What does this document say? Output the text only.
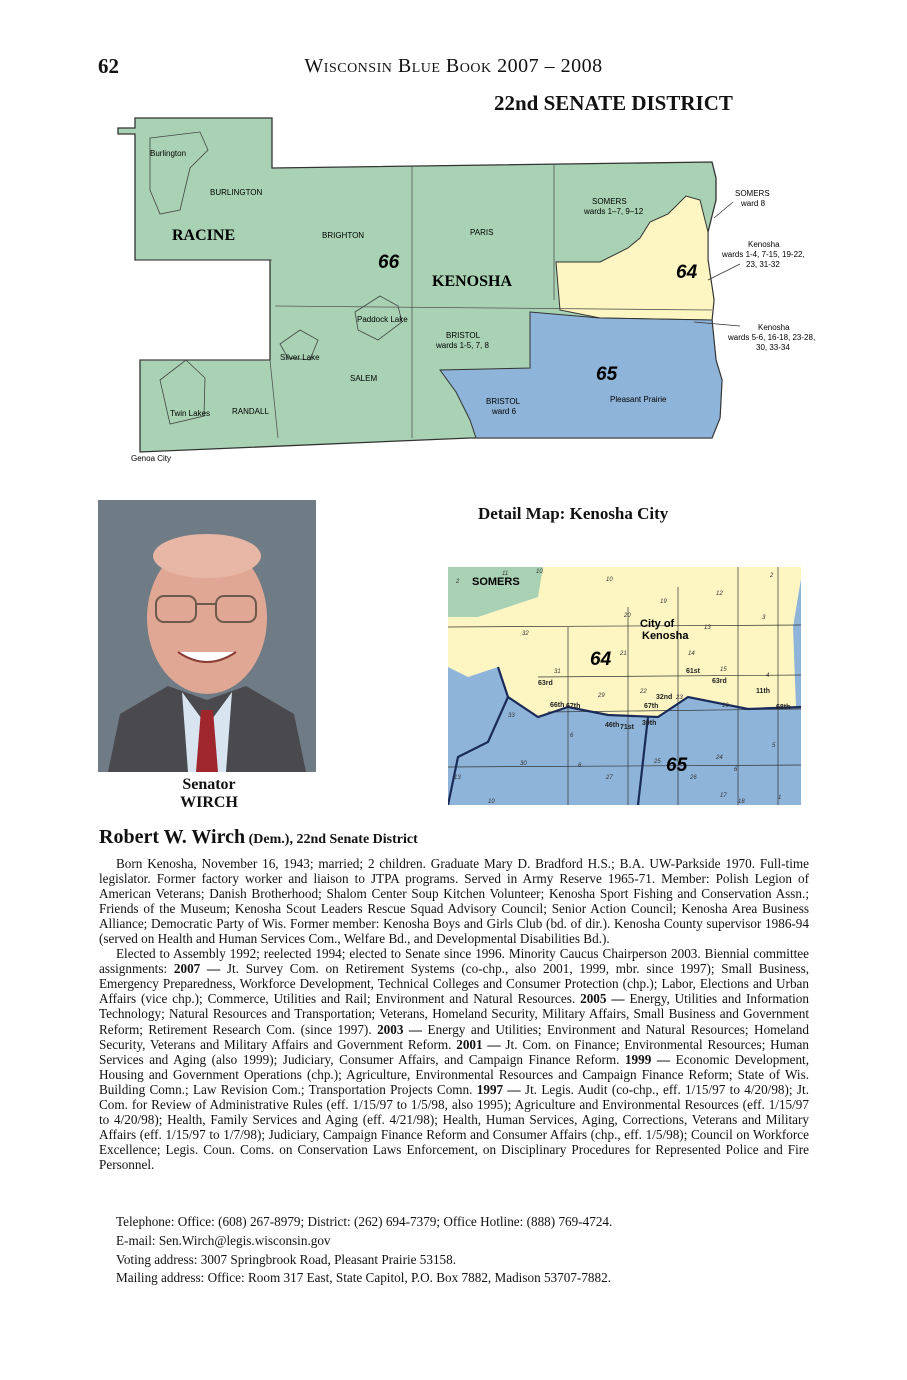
62	Wisconsin Blue Book 2007 – 2008
22nd SENATE DISTRICT
Burlington
BURLINGTON
RACINE	BRIGHTON	PARIS
SOMERS
wards 1–7, 9–12
SOMERS
ward 8
Kenosha
wards 1-4, 7-15, 19-22,
23, 31-32
66
KENOSHA	64
Paddock Lake
BRISTOL
wards 1-5, 7, 8
Kenosha
wards 5-6, 16-18, 23-28,
30, 33-34
Silver Lake
SALEM	65
BRISTOL
ward 6
Pleasant Prairie
Twin Lakes	RANDALL
Genoa City
Senator
WIRCH
Detail Map: Kenosha City
SOMERS
City of
Kenosha
64
65
63rd
61st
63rd
67th	67th
66th
46th 71st
32nd
39th
11th
68th
11	10
2	10
19
12
2
20
13
3
32
21	14
4
31	15
29
22
23
16
33
24
5
6
30	6
25
27	26
6
13
10
17
18
1
Robert W. Wirch (Dem.), 22nd Senate District

Born Kenosha, November 16, 1943; married; 2 children. Graduate Mary D. Bradford H.S.; B.A. UW-Parkside 1970. Full-time legislator. Former factory worker and liaison to JTPA programs. Served in Army Reserve 1965-71. Member: Polish Legion of American Veterans; Danish Brotherhood; Shalom Center Soup Kitchen Volunteer; Kenosha Sport Fishing and Conservation Assn.; Friends of the Museum; Kenosha Scout Leaders Rescue Squad Advisory Council; Senior Action Council; Kenosha Area Business Alliance; Democratic Party of Wis. Former member: Kenosha Boys and Girls Club (bd. of dir.). Kenosha County supervisor 1986-94 (served on Health and Human Services Com., Welfare Bd., and Developmental Disabilities Bd.).

Elected to Assembly 1992; reelected 1994; elected to Senate since 1996. Minority Caucus Chairperson 2003. Biennial committee assignments: 2007 — Jt. Survey Com. on Retirement Systems (co-chp., also 2001, 1999, mbr. since 1997); Small Business, Emergency Preparedness, Workforce Development, Technical Colleges and Consumer Protection (chp.); Labor, Elections and Urban Affairs (vice chp.); Commerce, Utilities and Rail; Environment and Natural Resources. 2005 — Energy, Utilities and Information Technology; Natural Resources and Transportation; Veterans, Homeland Security, Military Affairs, Small Business and Government Reform; Retirement Research Com. (since 1997). 2003 — Energy and Utilities; Environment and Natural Resources; Homeland Security, Veterans and Military Affairs and Government Reform. 2001 — Jt. Com. on Finance; Environmental Resources; Human Services and Aging (also 1999); Judiciary, Consumer Affairs, and Campaign Finance Reform. 1999 — Economic Development, Housing and Government Operations (chp.); Agriculture, Environmental Resources and Campaign Finance Reform; State of Wis. Building Comn.; Law Revision Com.; Transportation Projects Comn. 1997 — Jt. Legis. Audit (co-chp., eff. 1/15/97 to 4/20/98); Jt. Com. for Review of Administrative Rules (eff. 1/15/97 to 1/5/98, also 1995); Agriculture and Environmental Resources (eff. 1/15/97 to 4/20/98); Health, Family Services and Aging (eff. 4/21/98); Health, Human Services, Aging, Corrections, Veterans and Military Affairs (eff. 1/15/97 to 1/7/98); Judiciary, Campaign Finance Reform and Consumer Affairs (chp., eff. 1/5/98); Council on Workforce Excellence; Legis. Coun. Coms. on Conservation Laws Enforcement, on Disciplinary Procedures for Represented Police and Fire Personnel.

Telephone: Office: (608) 267-8979; District: (262) 694-7379; Office Hotline: (888) 769-4724.
E-mail: Sen.Wirch@legis.wisconsin.gov
Voting address: 3007 Springbrook Road, Pleasant Prairie 53158.
Mailing address: Office: Room 317 East, State Capitol, P.O. Box 7882, Madison 53707-7882.
